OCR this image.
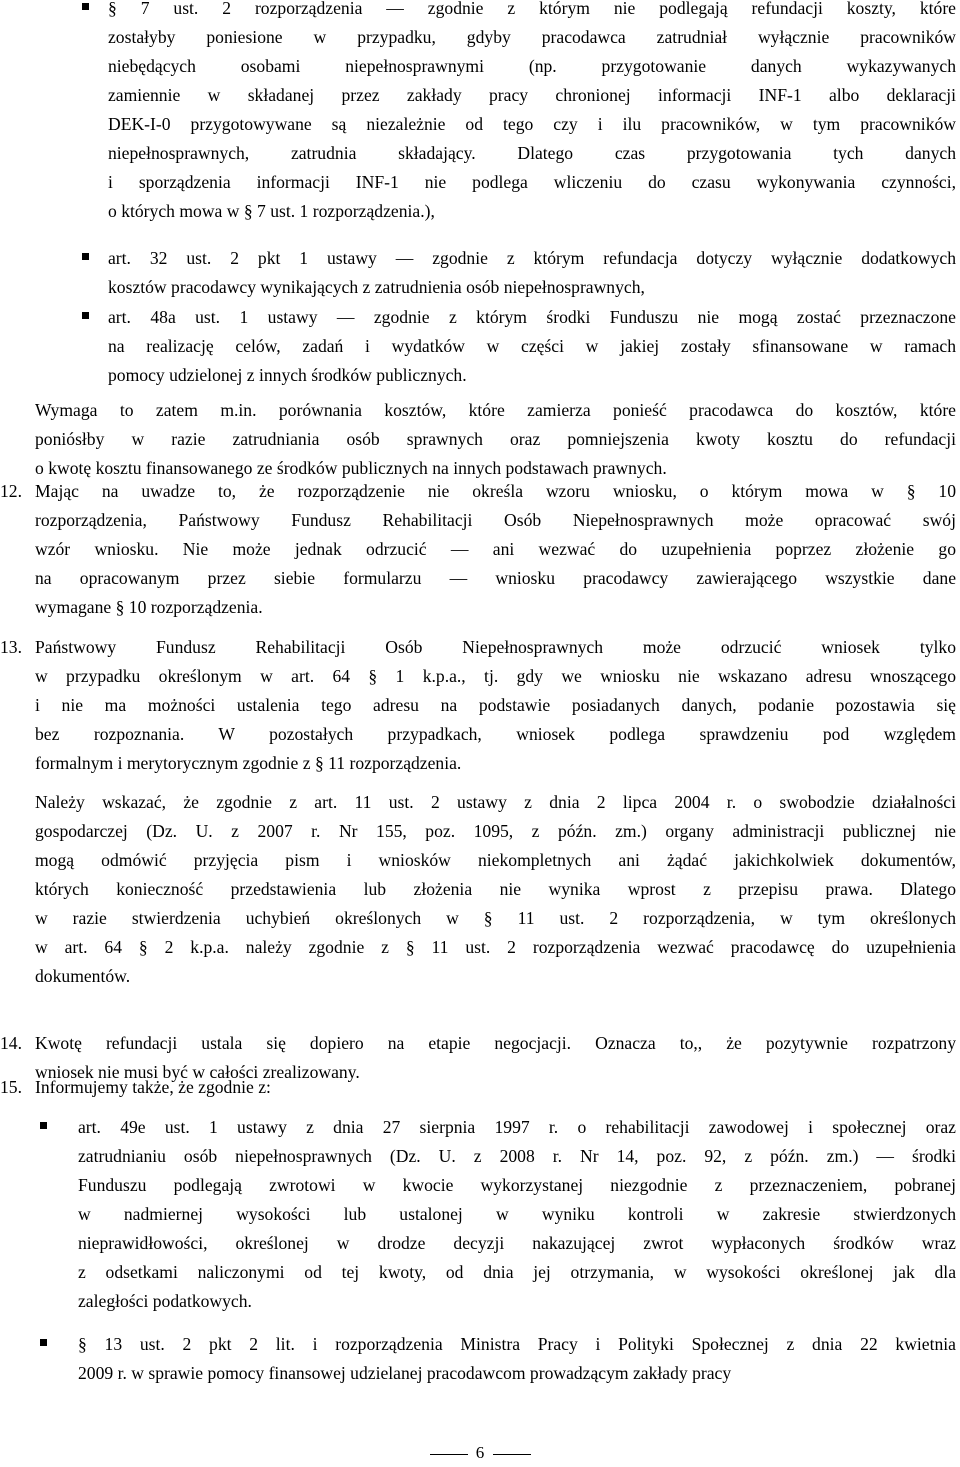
§ 7 ust. 2 rozporządzenia — zgodnie z którym nie podlegają refundacji koszty, które
zostałyby poniesione w przypadku, gdyby pracodawca zatrudniał wyłącznie pracowników
niebędących osobami niepełnosprawnymi (np. przygotowanie danych wykazywanych
zamiennie w składanej przez zakłady pracy chronionej informacji INF-1 albo deklaracji
DEK-I-0 przygotowywane są niezależnie od tego czy i ilu pracowników, w tym pracowników
niepełnosprawnych, zatrudnia składający. Dlatego czas przygotowania tych danych
i sporządzenia informacji INF-1 nie podlega wliczeniu do czasu wykonywania czynności,
o których mowa w § 7 ust. 1 rozporządzenia.),
art. 32 ust. 2 pkt 1 ustawy — zgodnie z którym refundacja dotyczy wyłącznie dodatkowych
kosztów pracodawcy wynikających z zatrudnienia osób niepełnosprawnych,
art. 48a ust. 1 ustawy — zgodnie z którym środki Funduszu nie mogą zostać przeznaczone
na realizację celów, zadań i wydatków w części w jakiej zostały sfinansowane w ramach
pomocy udzielonej z innych środków publicznych.
Wymaga to zatem m.in. porównania kosztów, które zamierza ponieść pracodawca do kosztów, które
poniósłby w razie zatrudniania osób sprawnych oraz pomniejszenia kwoty kosztu do refundacji
o kwotę kosztu finansowanego ze środków publicznych na innych podstawach prawnych.
12. Mając na uwadze to, że rozporządzenie nie określa wzoru wniosku, o którym mowa w § 10
rozporządzenia, Państwowy Fundusz Rehabilitacji Osób Niepełnosprawnych może opracować swój
wzór wniosku. Nie może jednak odrzucić — ani wezwać do uzupełnienia poprzez złożenie go
na opracowanym przez siebie formularzu — wniosku pracodawcy zawierającego wszystkie dane
wymagane § 10 rozporządzenia.
13. Państwowy Fundusz Rehabilitacji Osób Niepełnosprawnych może odrzucić wniosek tylko
w przypadku określonym w art. 64 § 1 k.p.a., tj. gdy we wniosku nie wskazano adresu wnoszącego
i nie ma możności ustalenia tego adresu na podstawie posiadanych danych, podanie pozostawia się
bez rozpoznania. W pozostałych przypadkach, wniosek podlega sprawdzeniu pod względem
formalnym i merytorycznym zgodnie z § 11 rozporządzenia.
Należy wskazać, że zgodnie z art. 11 ust. 2 ustawy z dnia 2 lipca 2004 r. o swobodzie działalności
gospodarczej (Dz. U. z 2007 r. Nr 155, poz. 1095, z późn. zm.) organy administracji publicznej nie
mogą odmówić przyjęcia pism i wniosków niekompletnych ani żądać jakichkolwiek dokumentów,
których konieczność przedstawienia lub złożenia nie wynika wprost z przepisu prawa. Dlatego
w razie stwierdzenia uchybień określonych w § 11 ust. 2 rozporządzenia, w tym określonych
w art. 64 § 2 k.p.a. należy zgodnie z § 11 ust. 2 rozporządzenia wezwać pracodawcę do uzupełnienia
dokumentów.
14. Kwotę refundacji ustala się dopiero na etapie negocjacji. Oznacza to,, że pozytywnie rozpatrzony
wniosek nie musi być w całości zrealizowany.
15. Informujemy także, że zgodnie z:
art. 49e ust. 1 ustawy z dnia 27 sierpnia 1997 r. o rehabilitacji zawodowej i społecznej oraz
zatrudnianiu osób niepełnosprawnych (Dz. U. z 2008 r. Nr 14, poz. 92, z późn. zm.) — środki
Funduszu podlegają zwrotowi w kwocie wykorzystanej niezgodnie z przeznaczeniem, pobranej
w nadmiernej wysokości lub ustalonej w wyniku kontroli w zakresie stwierdzonych
nieprawidłowości, określonej w drodze decyzji nakazującej zwrot wypłaconych środków wraz
z odsetkami naliczonymi od tej kwoty, od dnia jej otrzymania, w wysokości określonej jak dla
zaległości podatkowych.
§ 13 ust. 2 pkt 2 lit. i rozporządzenia Ministra Pracy i Polityki Społecznej z dnia 22 kwietnia
2009 r. w sprawie pomocy finansowej udzielanej pracodawcom prowadzącym zakłady pracy
6
